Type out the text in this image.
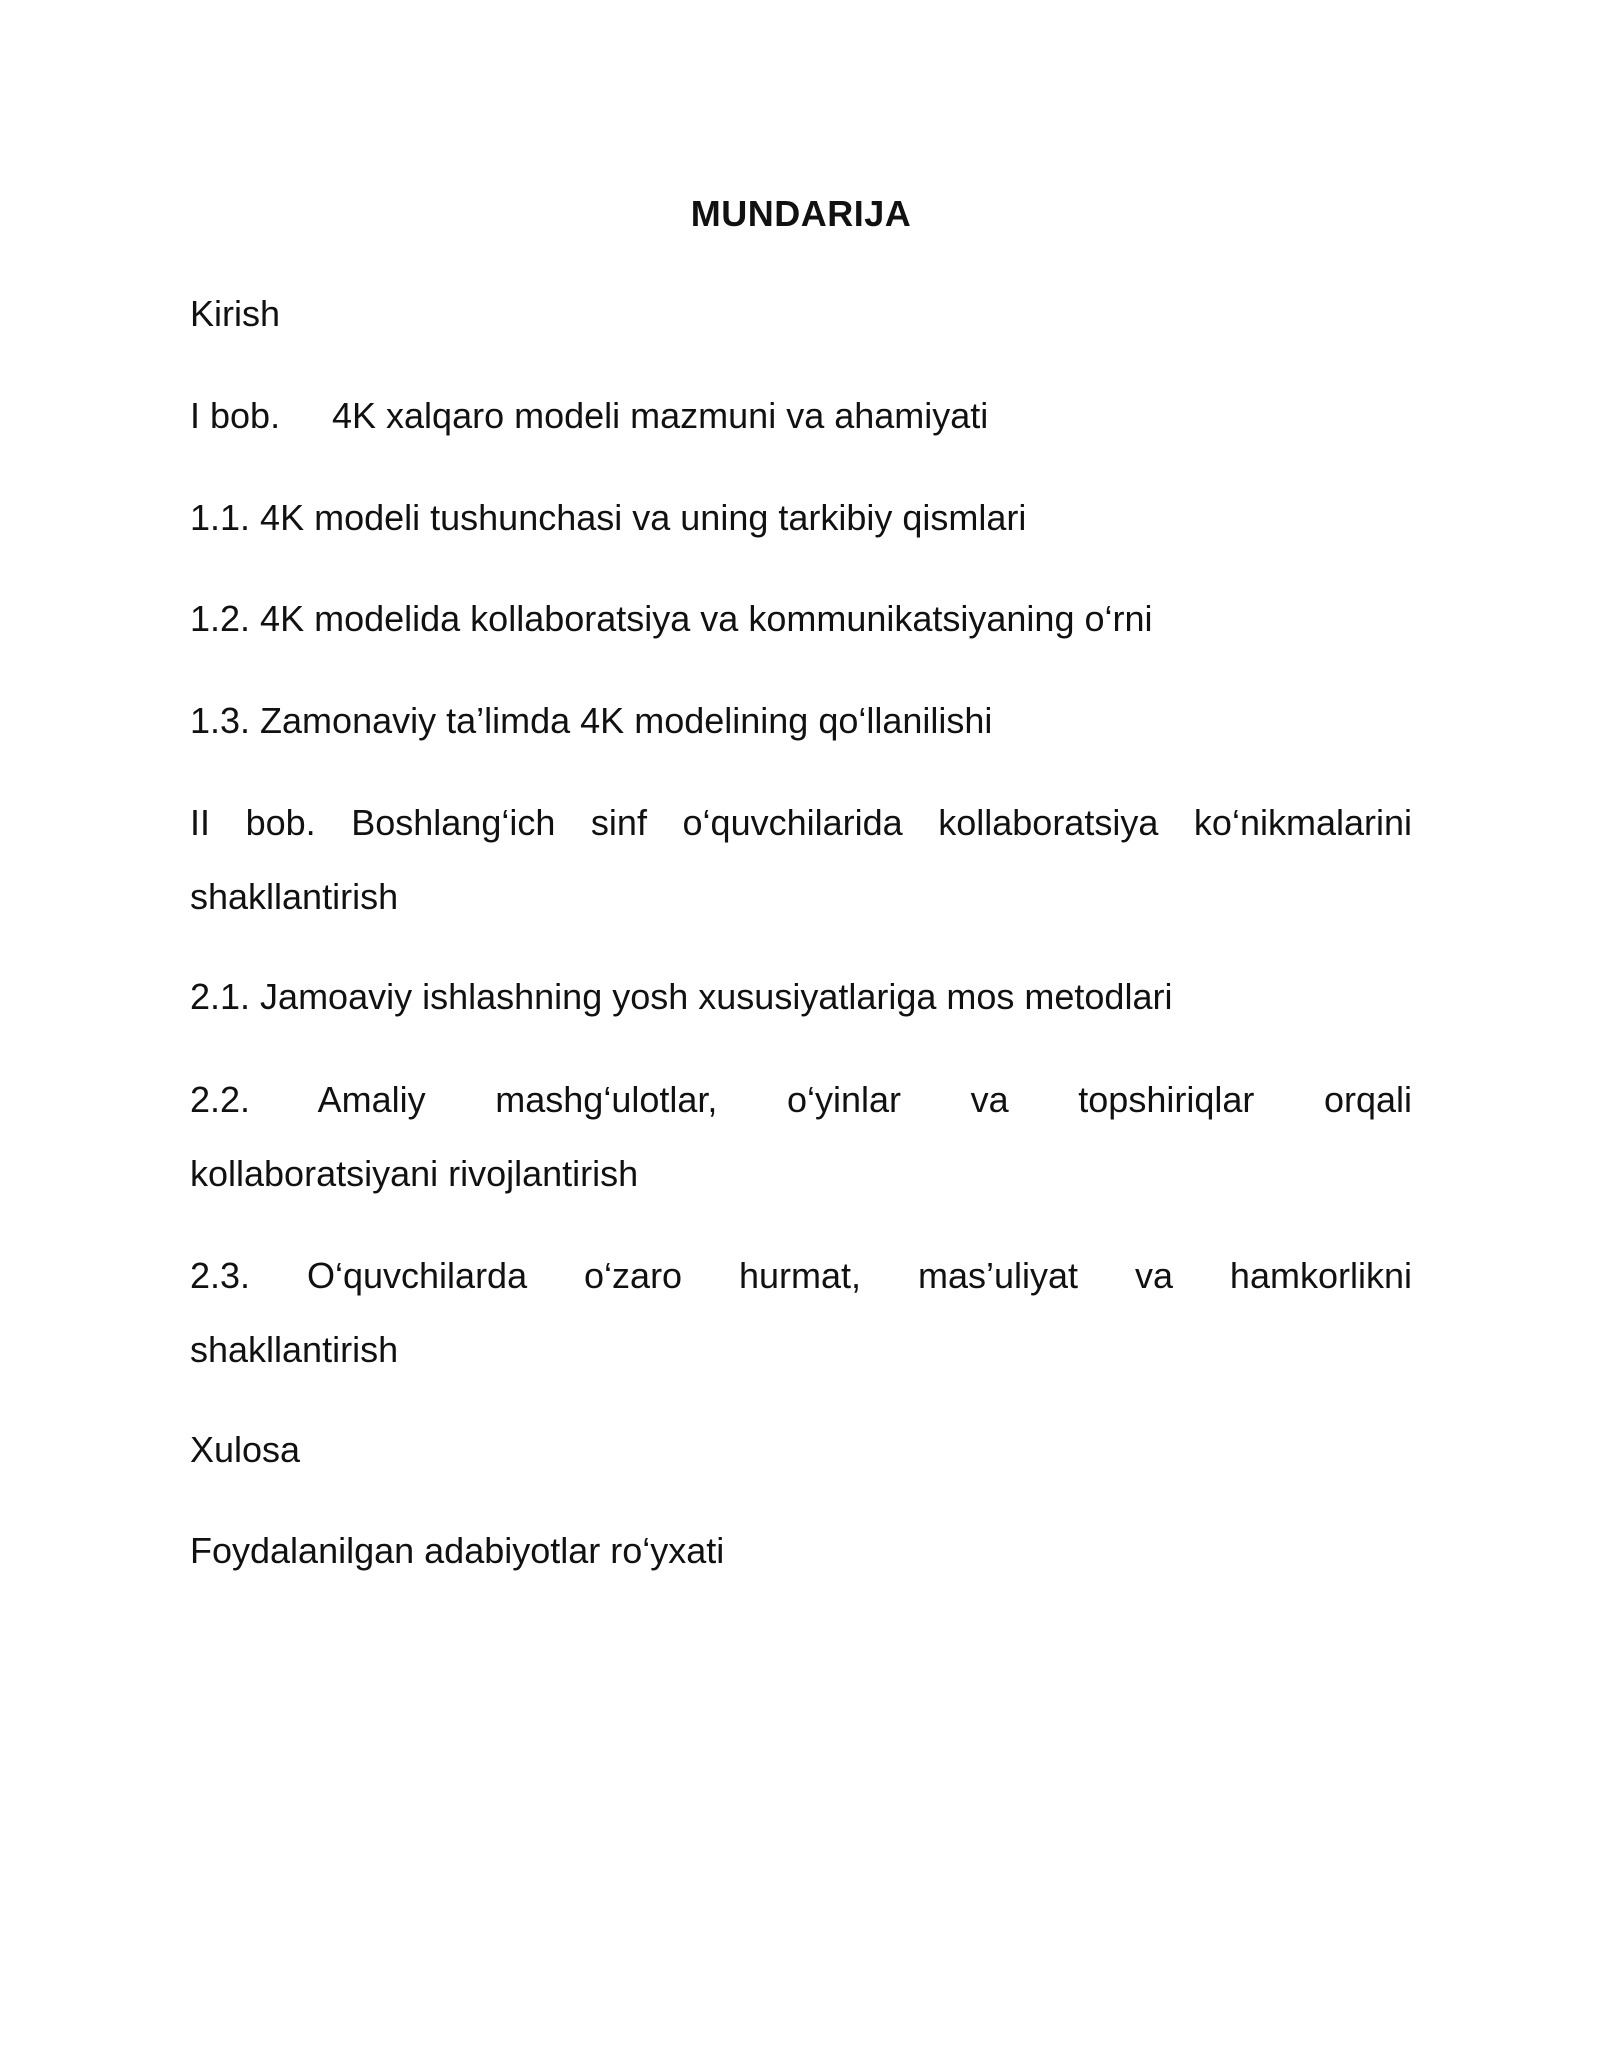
MUNDARIJA
Kirish
I bob. 4K xalqaro modeli mazmuni va ahamiyati
1.1. 4K modeli tushunchasi va uning tarkibiy qismlari
1.2. 4K modelida kollaboratsiya va kommunikatsiyaning o‘rni
1.3. Zamonaviy ta’limda 4K modelining qo‘llanilishi
II bob. Boshlang‘ich sinf o‘quvchilarida kollaboratsiya ko‘nikmalarini
shakllantirish
2.1. Jamoaviy ishlashning yosh xususiyatlariga mos metodlari
2.2. Amaliy mashg‘ulotlar, o‘yinlar va topshiriqlar orqali
kollaboratsiyani rivojlantirish
2.3. O‘quvchilarda o‘zaro hurmat, mas’uliyat va hamkorlikni
shakllantirish
Xulosa
Foydalanilgan adabiyotlar ro‘yxati
